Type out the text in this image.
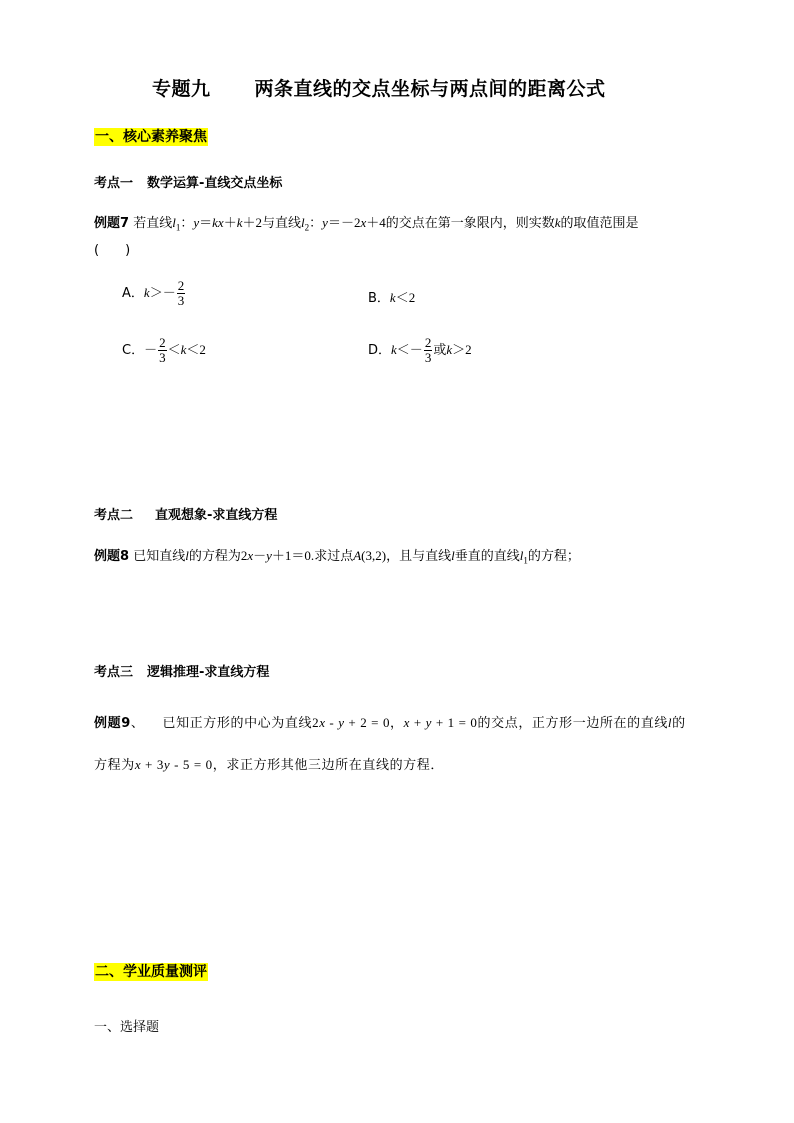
专题九 两条直线的交点坐标与两点间的距离公式
一、核心素养聚焦
考点一 数学运算-直线交点坐标
例题7 若直线$l_1$：y＝kx＋k＋2与直线$l_2$：y＝－2x＋4的交点在第一象限内，则实数k的取值范围是
(　　)
A．$k>- \frac{2}{3}$	B．k＜2
C．－ $\frac{2}{3} <k<2$	D．$k<- \frac{2}{3}$ 或k＞2
考点二 直观想象-求直线方程
例题8 已知直线l的方程为2x－y＋1＝0.求过点A(3,2)，且与直线l垂直的直线$l_1$的方程；
考点三 逻辑推理-求直线方程
例题9、 已知正方形的中心为直线2x - y + 2 = 0，x + y + 1 = 0的交点，正方形一边所在的直线l的
方程为x + 3y - 5 = 0，求正方形其他三边所在直线的方程．
二、学业质量测评
一、选择题
